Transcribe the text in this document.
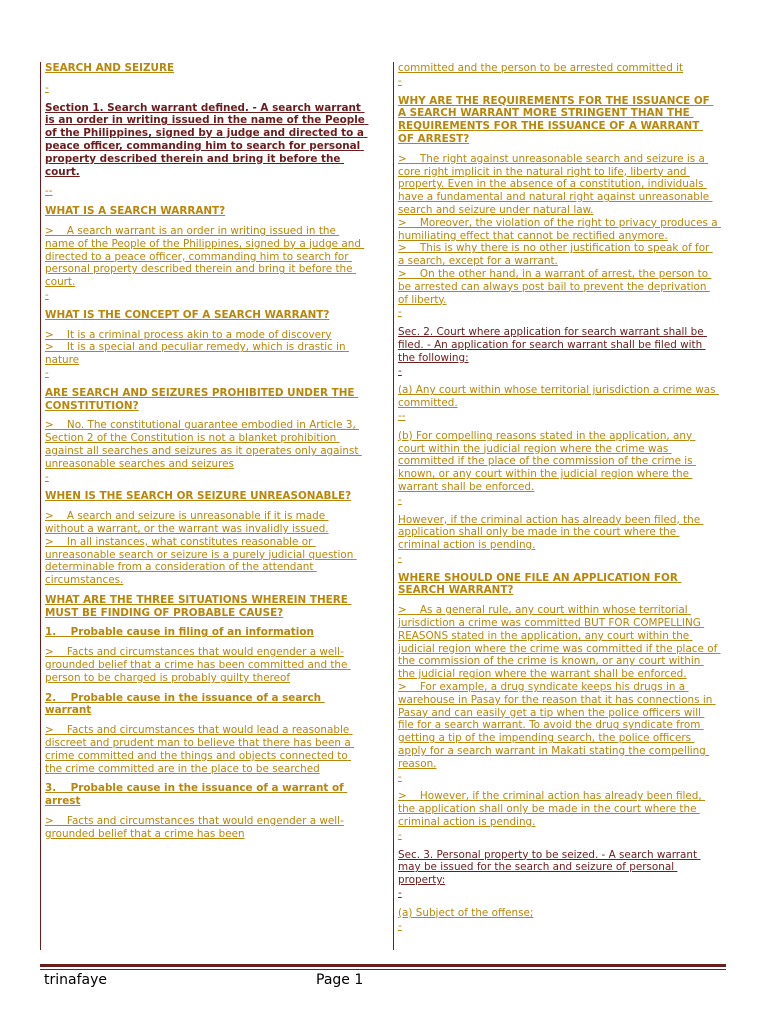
SEARCH AND SEIZURE
-
Section 1. Search warrant defined. - A search warrant is an order in writing issued in the name of the People of the Philippines, signed by a judge and directed to a peace officer, commanding him to search for personal property described therein and bring it before the court.
--
WHAT IS A SEARCH WARRANT?
>    A search warrant is an order in writing issued in the name of the People of the Philippines, signed by a judge and directed to a peace officer, commanding him to search for personal property described therein and bring it before the court.
-
WHAT IS THE CONCEPT OF A SEARCH WARRANT?
>    It is a criminal process akin to a mode of discovery
>    It is a special and peculiar remedy, which is drastic in nature
-
ARE SEARCH AND SEIZURES PROHIBITED UNDER THE CONSTITUTION?
>    No. The constitutional guarantee embodied in Article 3, Section 2 of the Constitution is not a blanket prohibition against all searches and seizures as it operates only against unreasonable searches and seizures
-
WHEN IS THE SEARCH OR SEIZURE UNREASONABLE?
>    A search and seizure is unreasonable if it is made without a warrant, or the warrant was invalidly issued.
>    In all instances, what constitutes reasonable or unreasonable search or seizure is a purely judicial question determinable from a consideration of the attendant circumstances.
WHAT ARE THE THREE SITUATIONS WHEREIN THERE MUST BE FINDING OF PROBABLE CAUSE?
1.    Probable cause in filing of an information
>    Facts and circumstances that would engender a well-grounded belief that a crime has been committed and the person to be charged is probably guilty thereof
2.    Probable cause in the issuance of a search warrant
>    Facts and circumstances that would lead a reasonable discreet and prudent man to believe that there has been a crime committed and the things and objects connected to the crime committed are in the place to be searched
3.    Probable cause in the issuance of a warrant of arrest
>    Facts and circumstances that would engender a well-grounded belief that a crime has been
committed and the person to be arrested committed it
-
WHY ARE THE REQUIREMENTS FOR THE ISSUANCE OF A SEARCH WARRANT MORE STRINGENT THAN THE REQUIREMENTS FOR THE ISSUANCE OF A WARRANT OF ARREST?
>    The right against unreasonable search and seizure is a core right implicit in the natural right to life, liberty and property. Even in the absence of a constitution, individuals have a fundamental and natural right against unreasonable search and seizure under natural law.
>    Moreover, the violation of the right to privacy produces a humiliating effect that cannot be rectified anymore.
>    This is why there is no other justification to speak of for a search, except for a warrant.
>    On the other hand, in a warrant of arrest, the person to be arrested can always post bail to prevent the deprivation of liberty.
-
Sec. 2. Court where application for search warrant shall be filed. - An application for search warrant shall be filed with the following:
-
(a) Any court within whose territorial jurisdiction a crime was committed.
--
(b) For compelling reasons stated in the application, any court within the judicial region where the crime was committed if the place of the commission of the crime is known, or any court within the judicial region where the warrant shall be enforced.
-
However, if the criminal action has already been filed, the application shall only be made in the court where the criminal action is pending.
-
WHERE SHOULD ONE FILE AN APPLICATION FOR SEARCH WARRANT?
>    As a general rule, any court within whose territorial jurisdiction a crime was committed BUT FOR COMPELLING REASONS stated in the application, any court within the judicial region where the crime was committed if the place of the commission of the crime is known, or any court within the judicial region where the warrant shall be enforced.
>    For example, a drug syndicate keeps his drugs in a warehouse in Pasay for the reason that it has connections in Pasay and can easily get a tip when the police officers will file for a search warrant. To avoid the drug syndicate from getting a tip of the impending search, the police officers apply for a search warrant in Makati stating the compelling reason.
-
>    However, if the criminal action has already been filed, the application shall only be made in the court where the criminal action is pending.
-
Sec. 3. Personal property to be seized. - A search warrant may be issued for the search and seizure of personal property:
-
(a) Subject of the offense;
-
trinafaye	Page 1
